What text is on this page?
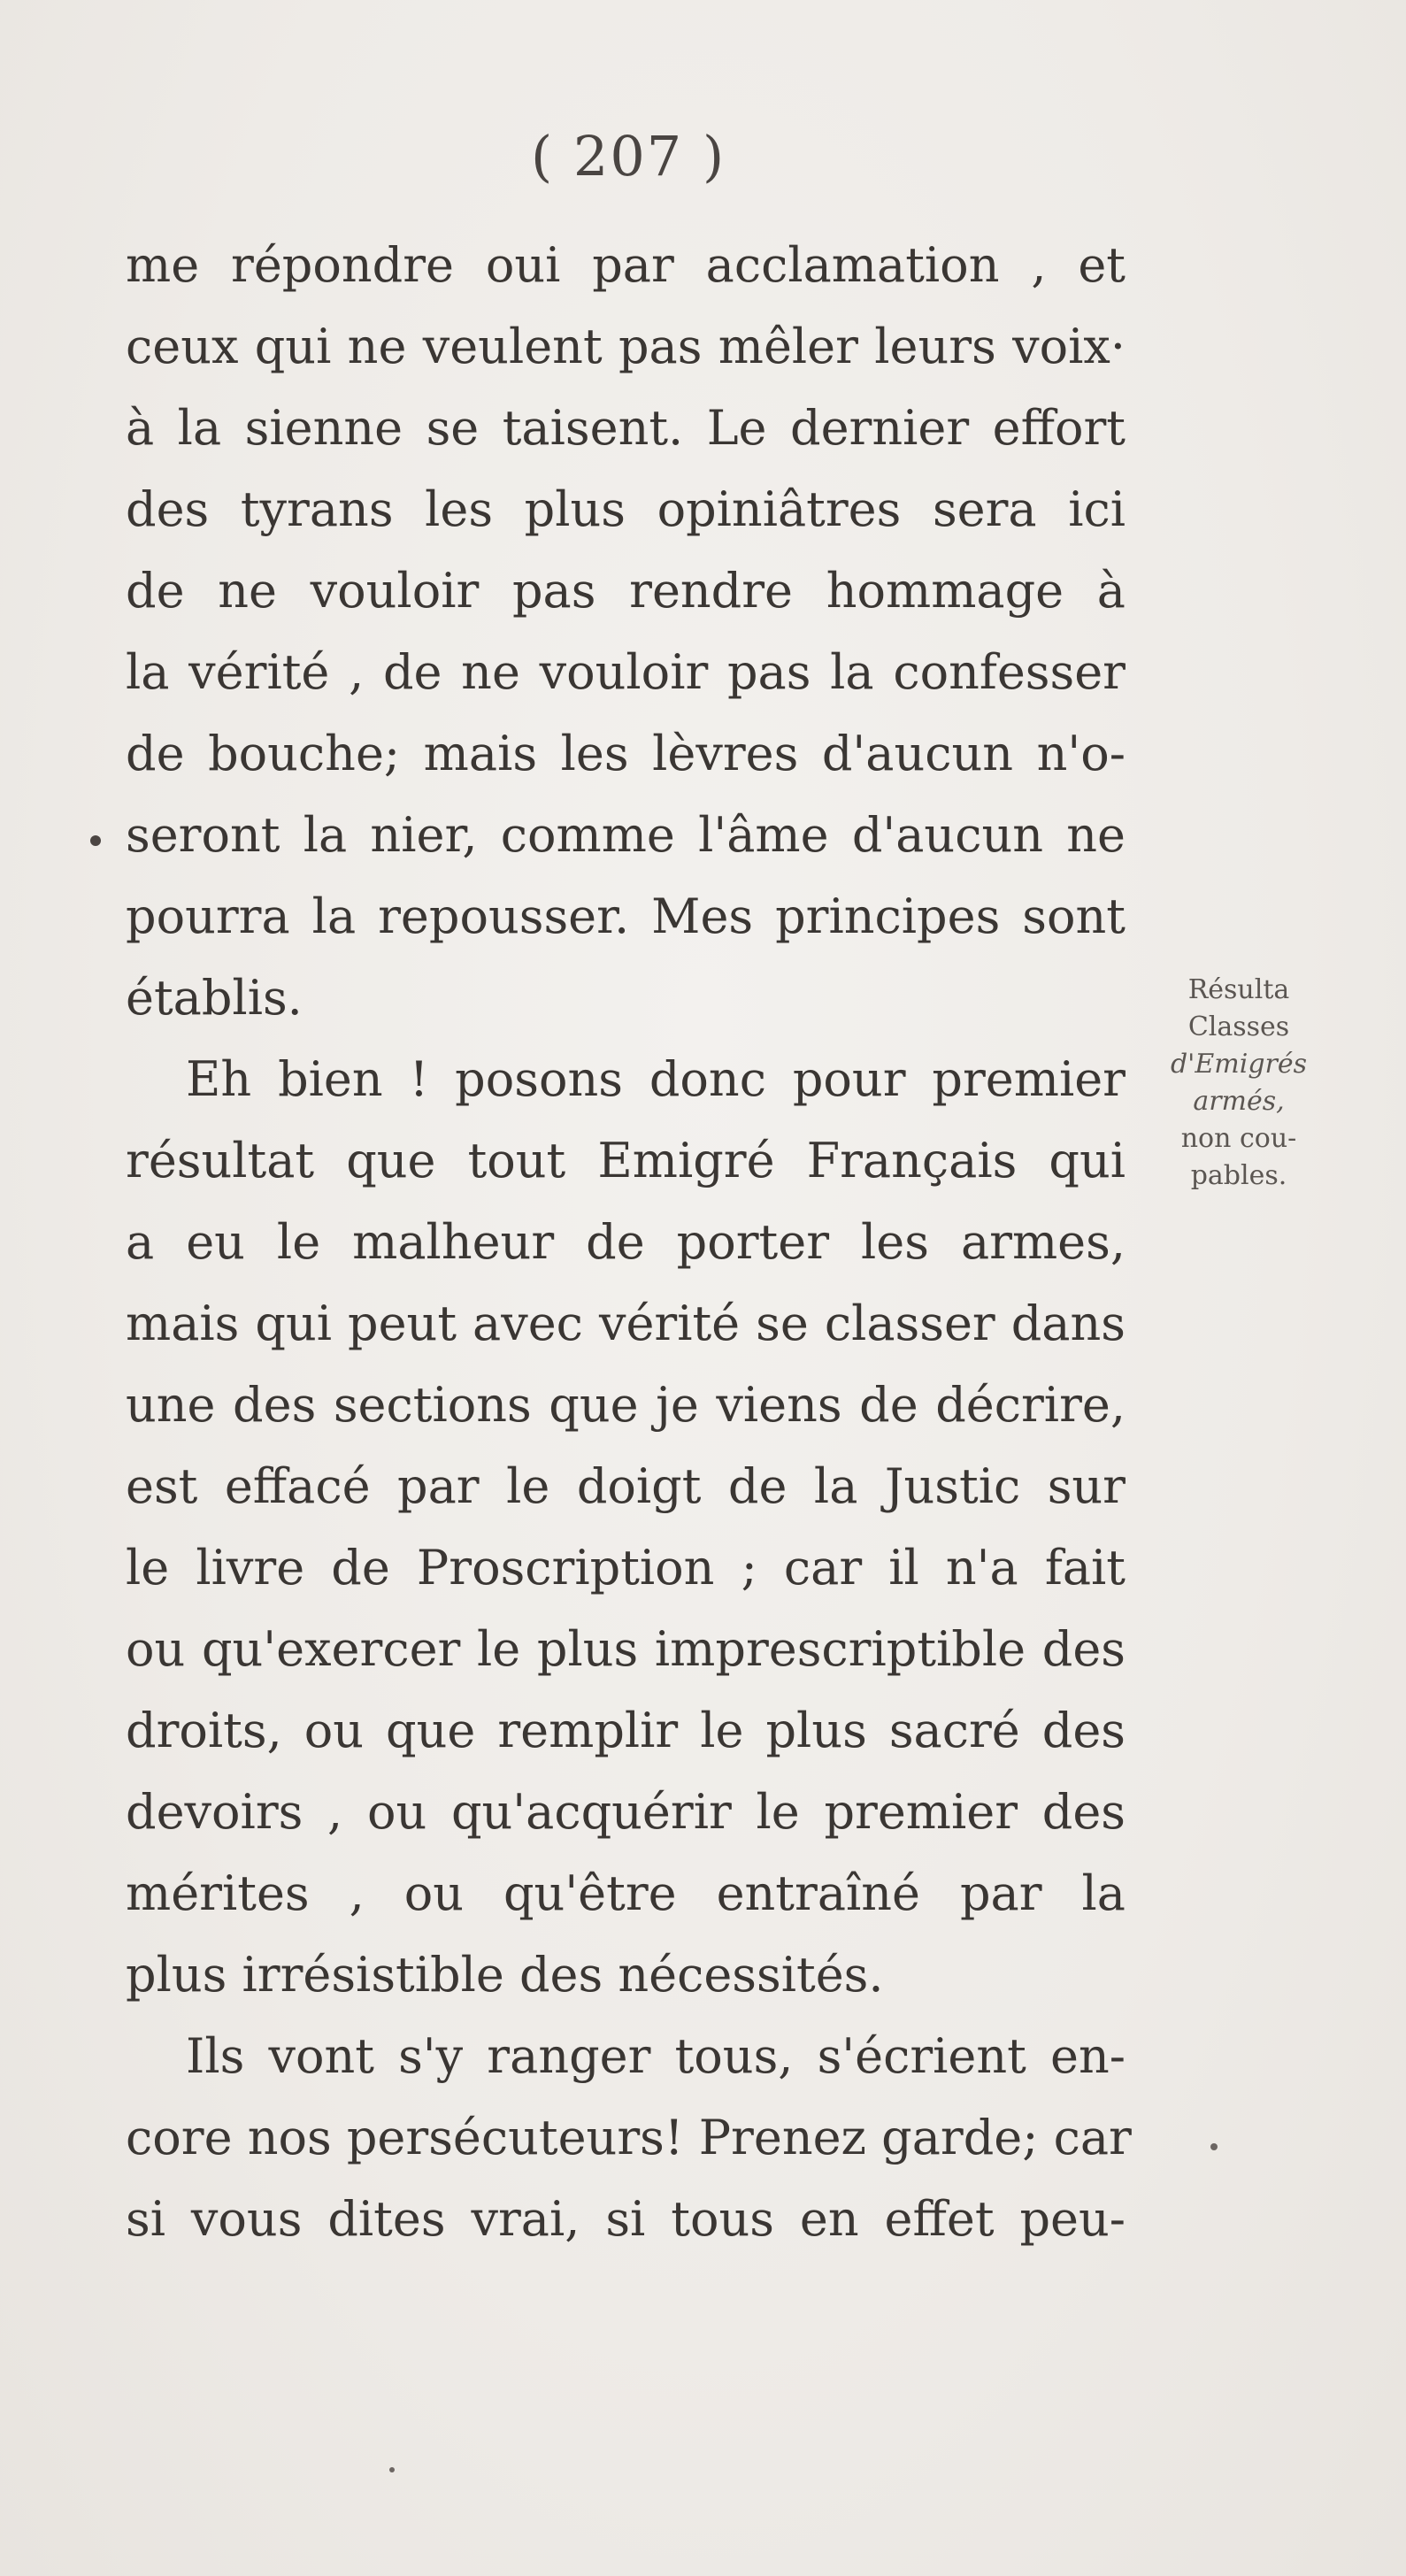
( 207 )
me répondre oui par acclamation , et
ceux qui ne veulent pas mêler leurs voix·
à la sienne se taisent. Le dernier effort
des tyrans les plus opiniâtres sera ici
de ne vouloir pas rendre hommage à
la vérité , de ne vouloir pas la confesser
de bouche; mais les lèvres d'aucun n'o-
seront la nier, comme l'âme d'aucun ne
pourra la repousser. Mes principes sont
établis.
Eh bien ! posons donc pour premier
résultat que tout Emigré Français qui
a eu le malheur de porter les armes,
mais qui peut avec vérité se classer dans
une des sections que je viens de décrire,
est effacé par le doigt de la Justic sur
le livre de Proscription ; car il n'a fait
ou qu'exercer le plus imprescriptible des
droits, ou que remplir le plus sacré des
devoirs , ou qu'acquérir le premier des
mérites , ou qu'être entraîné par la
plus irrésistible des nécessités.
Ils vont s'y ranger tous, s'écrient en-
core nos persécuteurs! Prenez garde; car
si vous dites vrai, si tous en effet peu-
Résulta
Classes
d'Emigrés
armés,
non cou-
pables.
